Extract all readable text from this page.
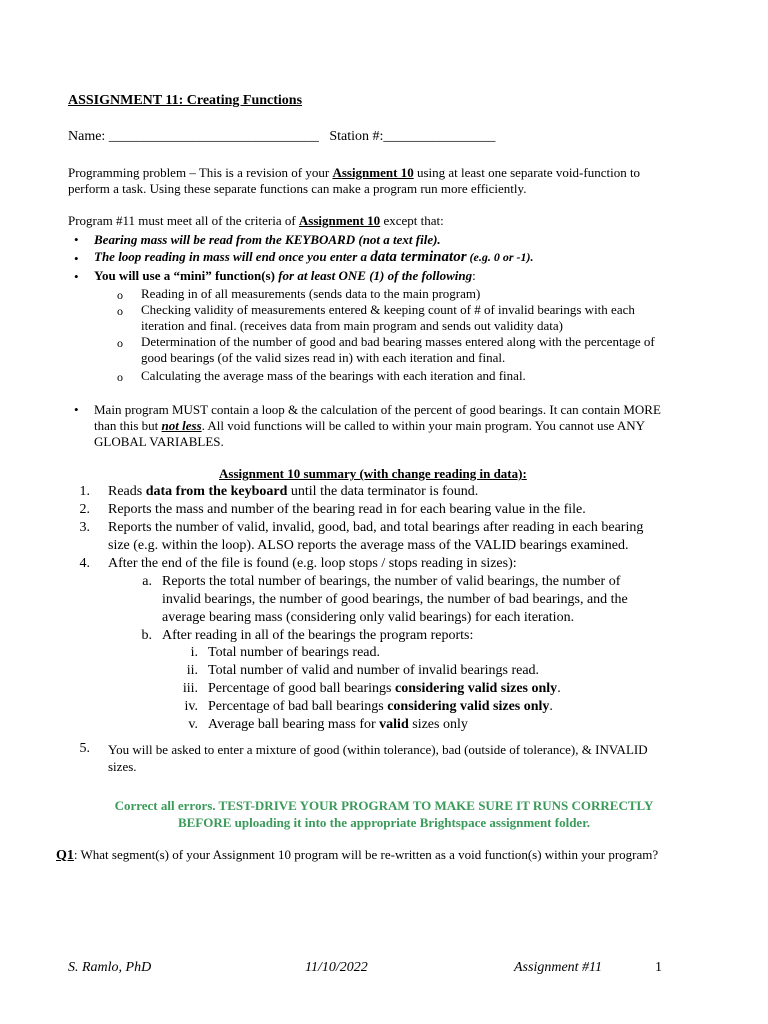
ASSIGNMENT 11: Creating Functions
Name: ______________________________ Station #:________________
Programming problem – This is a revision of your Assignment 10 using at least one separate void-function to
perform a task. Using these separate functions can make a program run more efficiently.
Program #11 must meet all of the criteria of Assignment 10 except that:
• Bearing mass will be read from the KEYBOARD (not a text file).
• The loop reading in mass will end once you enter a data terminator (e.g. 0 or -1).
• You will use a “mini” function(s) for at least ONE (1) of the following:
o Reading in of all measurements (sends data to the main program)
o Checking validity of measurements entered & keeping count of # of invalid bearings with each
iteration and final. (receives data from main program and sends out validity data)
o Determination of the number of good and bad bearing masses entered along with the percentage of
good bearings (of the valid sizes read in) with each iteration and final.
o Calculating the average mass of the bearings with each iteration and final.
• Main program MUST contain a loop & the calculation of the percent of good bearings. It can contain MORE
than this but not less. All void functions will be called to within your main program. You cannot use ANY
GLOBAL VARIABLES.
Assignment 10 summary (with change reading in data):
1. Reads data from the keyboard until the data terminator is found.
2. Reports the mass and number of the bearing read in for each bearing value in the file.
3. Reports the number of valid, invalid, good, bad, and total bearings after reading in each bearing
size (e.g. within the loop). ALSO reports the average mass of the VALID bearings examined.
4. After the end of the file is found (e.g. loop stops / stops reading in sizes):
a. Reports the total number of bearings, the number of valid bearings, the number of
invalid bearings, the number of good bearings, the number of bad bearings, and the
average bearing mass (considering only valid bearings) for each iteration.
b. After reading in all of the bearings the program reports:
i. Total number of bearings read.
ii. Total number of valid and number of invalid bearings read.
iii. Percentage of good ball bearings considering valid sizes only.
iv. Percentage of bad ball bearings considering valid sizes only.
v. Average ball bearing mass for valid sizes only
5. You will be asked to enter a mixture of good (within tolerance), bad (outside of tolerance), & INVALID
sizes.
Correct all errors. TEST-DRIVE YOUR PROGRAM TO MAKE SURE IT RUNS CORRECTLY
BEFORE uploading it into the appropriate Brightspace assignment folder.
Q1: What segment(s) of your Assignment 10 program will be re-written as a void function(s) within your program?
S. Ramlo, PhD	11/10/2022	Assignment #11	1
